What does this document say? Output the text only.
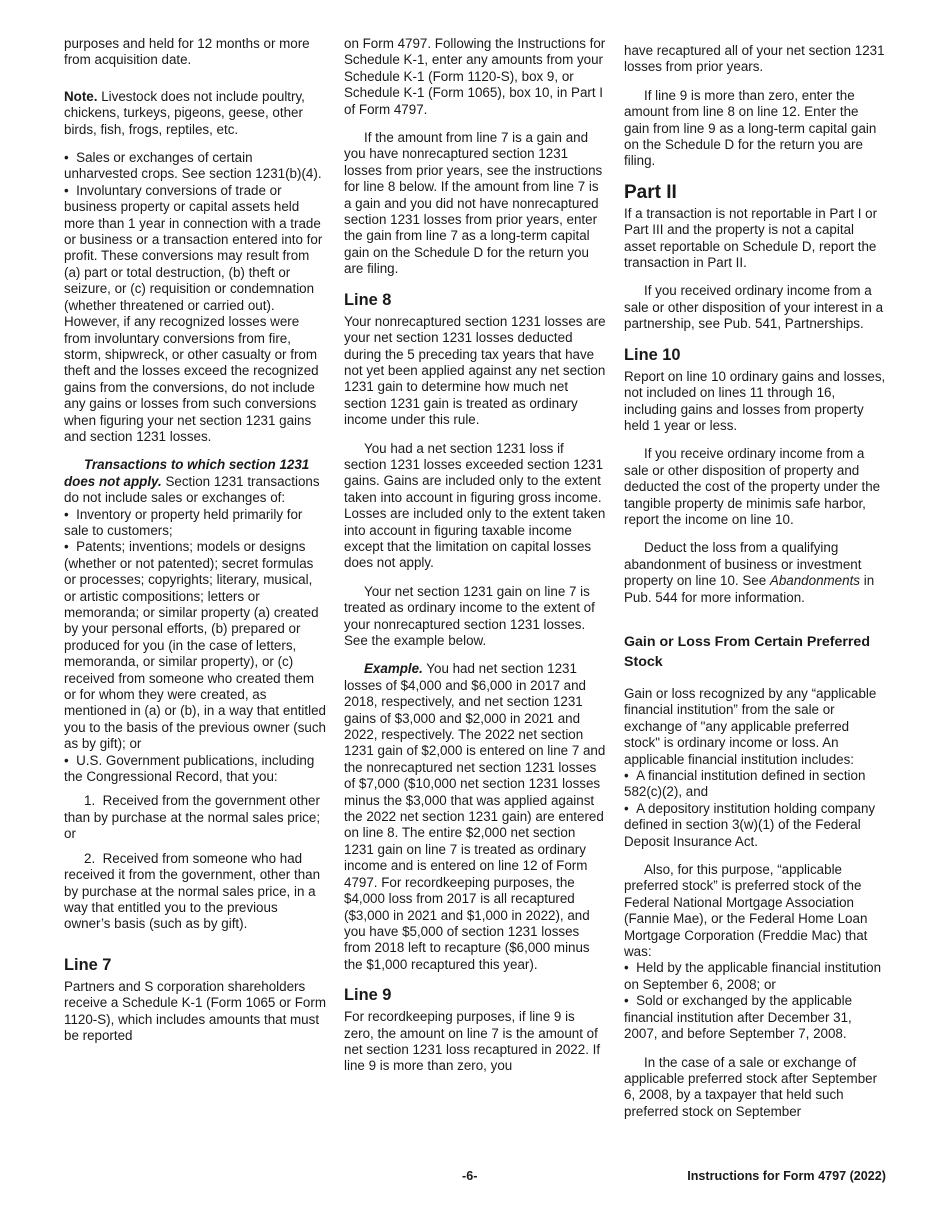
purposes and held for 12 months or more from acquisition date.

Note. Livestock does not include poultry, chickens, turkeys, pigeons, geese, other birds, fish, frogs, reptiles, etc.

•  Sales or exchanges of certain unharvested crops. See section 1231(b)(4).

•  Involuntary conversions of trade or business property or capital assets held more than 1 year in connection with a trade or business or a transaction entered into for profit. These conversions may result from (a) part or total destruction, (b) theft or seizure, or (c) requisition or condemnation (whether threatened or carried out). However, if any recognized losses were from involuntary conversions from fire, storm, shipwreck, or other casualty or from theft and the losses exceed the recognized gains from the conversions, do not include any gains or losses from such conversions when figuring your net section 1231 gains and section 1231 losses.

Transactions to which section 1231 does not apply. Section 1231 transactions do not include sales or exchanges of:

•  Inventory or property held primarily for sale to customers;

•  Patents; inventions; models or designs (whether or not patented); secret formulas or processes; copyrights; literary, musical, or artistic compositions; letters or memoranda; or similar property (a) created by your personal efforts, (b) prepared or produced for you (in the case of letters, memoranda, or similar property), or (c) received from someone who created them or for whom they were created, as mentioned in (a) or (b), in a way that entitled you to the basis of the previous owner (such as by gift); or

•  U.S. Government publications, including the Congressional Record, that you:

1.  Received from the government other than by purchase at the normal sales price; or

2.  Received from someone who had received it from the government, other than by purchase at the normal sales price, in a way that entitled you to the previous owner’s basis (such as by gift).

Line 7

Partners and S corporation shareholders receive a Schedule K-1 (Form 1065 or Form 1120-S), which includes amounts that must be reported

on Form 4797. Following the Instructions for Schedule K-1, enter any amounts from your Schedule K-1 (Form 1120-S), box 9, or Schedule K-1 (Form 1065), box 10, in Part I of Form 4797.

If the amount from line 7 is a gain and you have nonrecaptured section 1231 losses from prior years, see the instructions for line 8 below. If the amount from line 7 is a gain and you did not have nonrecaptured section 1231 losses from prior years, enter the gain from line 7 as a long-term capital gain on the Schedule D for the return you are filing.

Line 8

Your nonrecaptured section 1231 losses are your net section 1231 losses deducted during the 5 preceding tax years that have not yet been applied against any net section 1231 gain to determine how much net section 1231 gain is treated as ordinary income under this rule.

You had a net section 1231 loss if section 1231 losses exceeded section 1231 gains. Gains are included only to the extent taken into account in figuring gross income. Losses are included only to the extent taken into account in figuring taxable income except that the limitation on capital losses does not apply.

Your net section 1231 gain on line 7 is treated as ordinary income to the extent of your nonrecaptured section 1231 losses. See the example below.

Example. You had net section 1231 losses of $4,000 and $6,000 in 2017 and 2018, respectively, and net section 1231 gains of $3,000 and $2,000 in 2021 and 2022, respectively. The 2022 net section 1231 gain of $2,000 is entered on line 7 and the nonrecaptured net section 1231 losses of $7,000 ($10,000 net section 1231 losses minus the $3,000 that was applied against the 2022 net section 1231 gain) are entered on line 8. The entire $2,000 net section 1231 gain on line 7 is treated as ordinary income and is entered on line 12 of Form 4797. For recordkeeping purposes, the $4,000 loss from 2017 is all recaptured ($3,000 in 2021 and $1,000 in 2022), and you have $5,000 of section 1231 losses from 2018 left to recapture ($6,000 minus the $1,000 recaptured this year).

Line 9

For recordkeeping purposes, if line 9 is zero, the amount on line 7 is the amount of net section 1231 loss recaptured in 2022. If line 9 is more than zero, you

have recaptured all of your net section 1231 losses from prior years.

If line 9 is more than zero, enter the amount from line 8 on line 12. Enter the gain from line 9 as a long-term capital gain on the Schedule D for the return you are filing.

Part II

If a transaction is not reportable in Part I or Part III and the property is not a capital asset reportable on Schedule D, report the transaction in Part II.

If you received ordinary income from a sale or other disposition of your interest in a partnership, see Pub. 541, Partnerships.

Line 10

Report on line 10 ordinary gains and losses, not included on lines 11 through 16, including gains and losses from property held 1 year or less.

If you receive ordinary income from a sale or other disposition of property and deducted the cost of the property under the tangible property de minimis safe harbor, report the income on line 10.

Deduct the loss from a qualifying abandonment of business or investment property on line 10. See Abandonments in Pub. 544 for more information.

Gain or Loss From Certain Preferred Stock

Gain or loss recognized by any “applicable financial institution” from the sale or exchange of "any applicable preferred stock" is ordinary income or loss. An applicable financial institution includes:

•  A financial institution defined in section 582(c)(2), and

•  A depository institution holding company defined in section 3(w)(1) of the Federal Deposit Insurance Act.

Also, for this purpose, “applicable preferred stock” is preferred stock of the Federal National Mortgage Association (Fannie Mae), or the Federal Home Loan Mortgage Corporation (Freddie Mac) that was:

•  Held by the applicable financial institution on September 6, 2008; or

•  Sold or exchanged by the applicable financial institution after December 31, 2007, and before September 7, 2008.

In the case of a sale or exchange of applicable preferred stock after September 6, 2008, by a taxpayer that held such preferred stock on September

-6-	Instructions for Form 4797 (2022)
